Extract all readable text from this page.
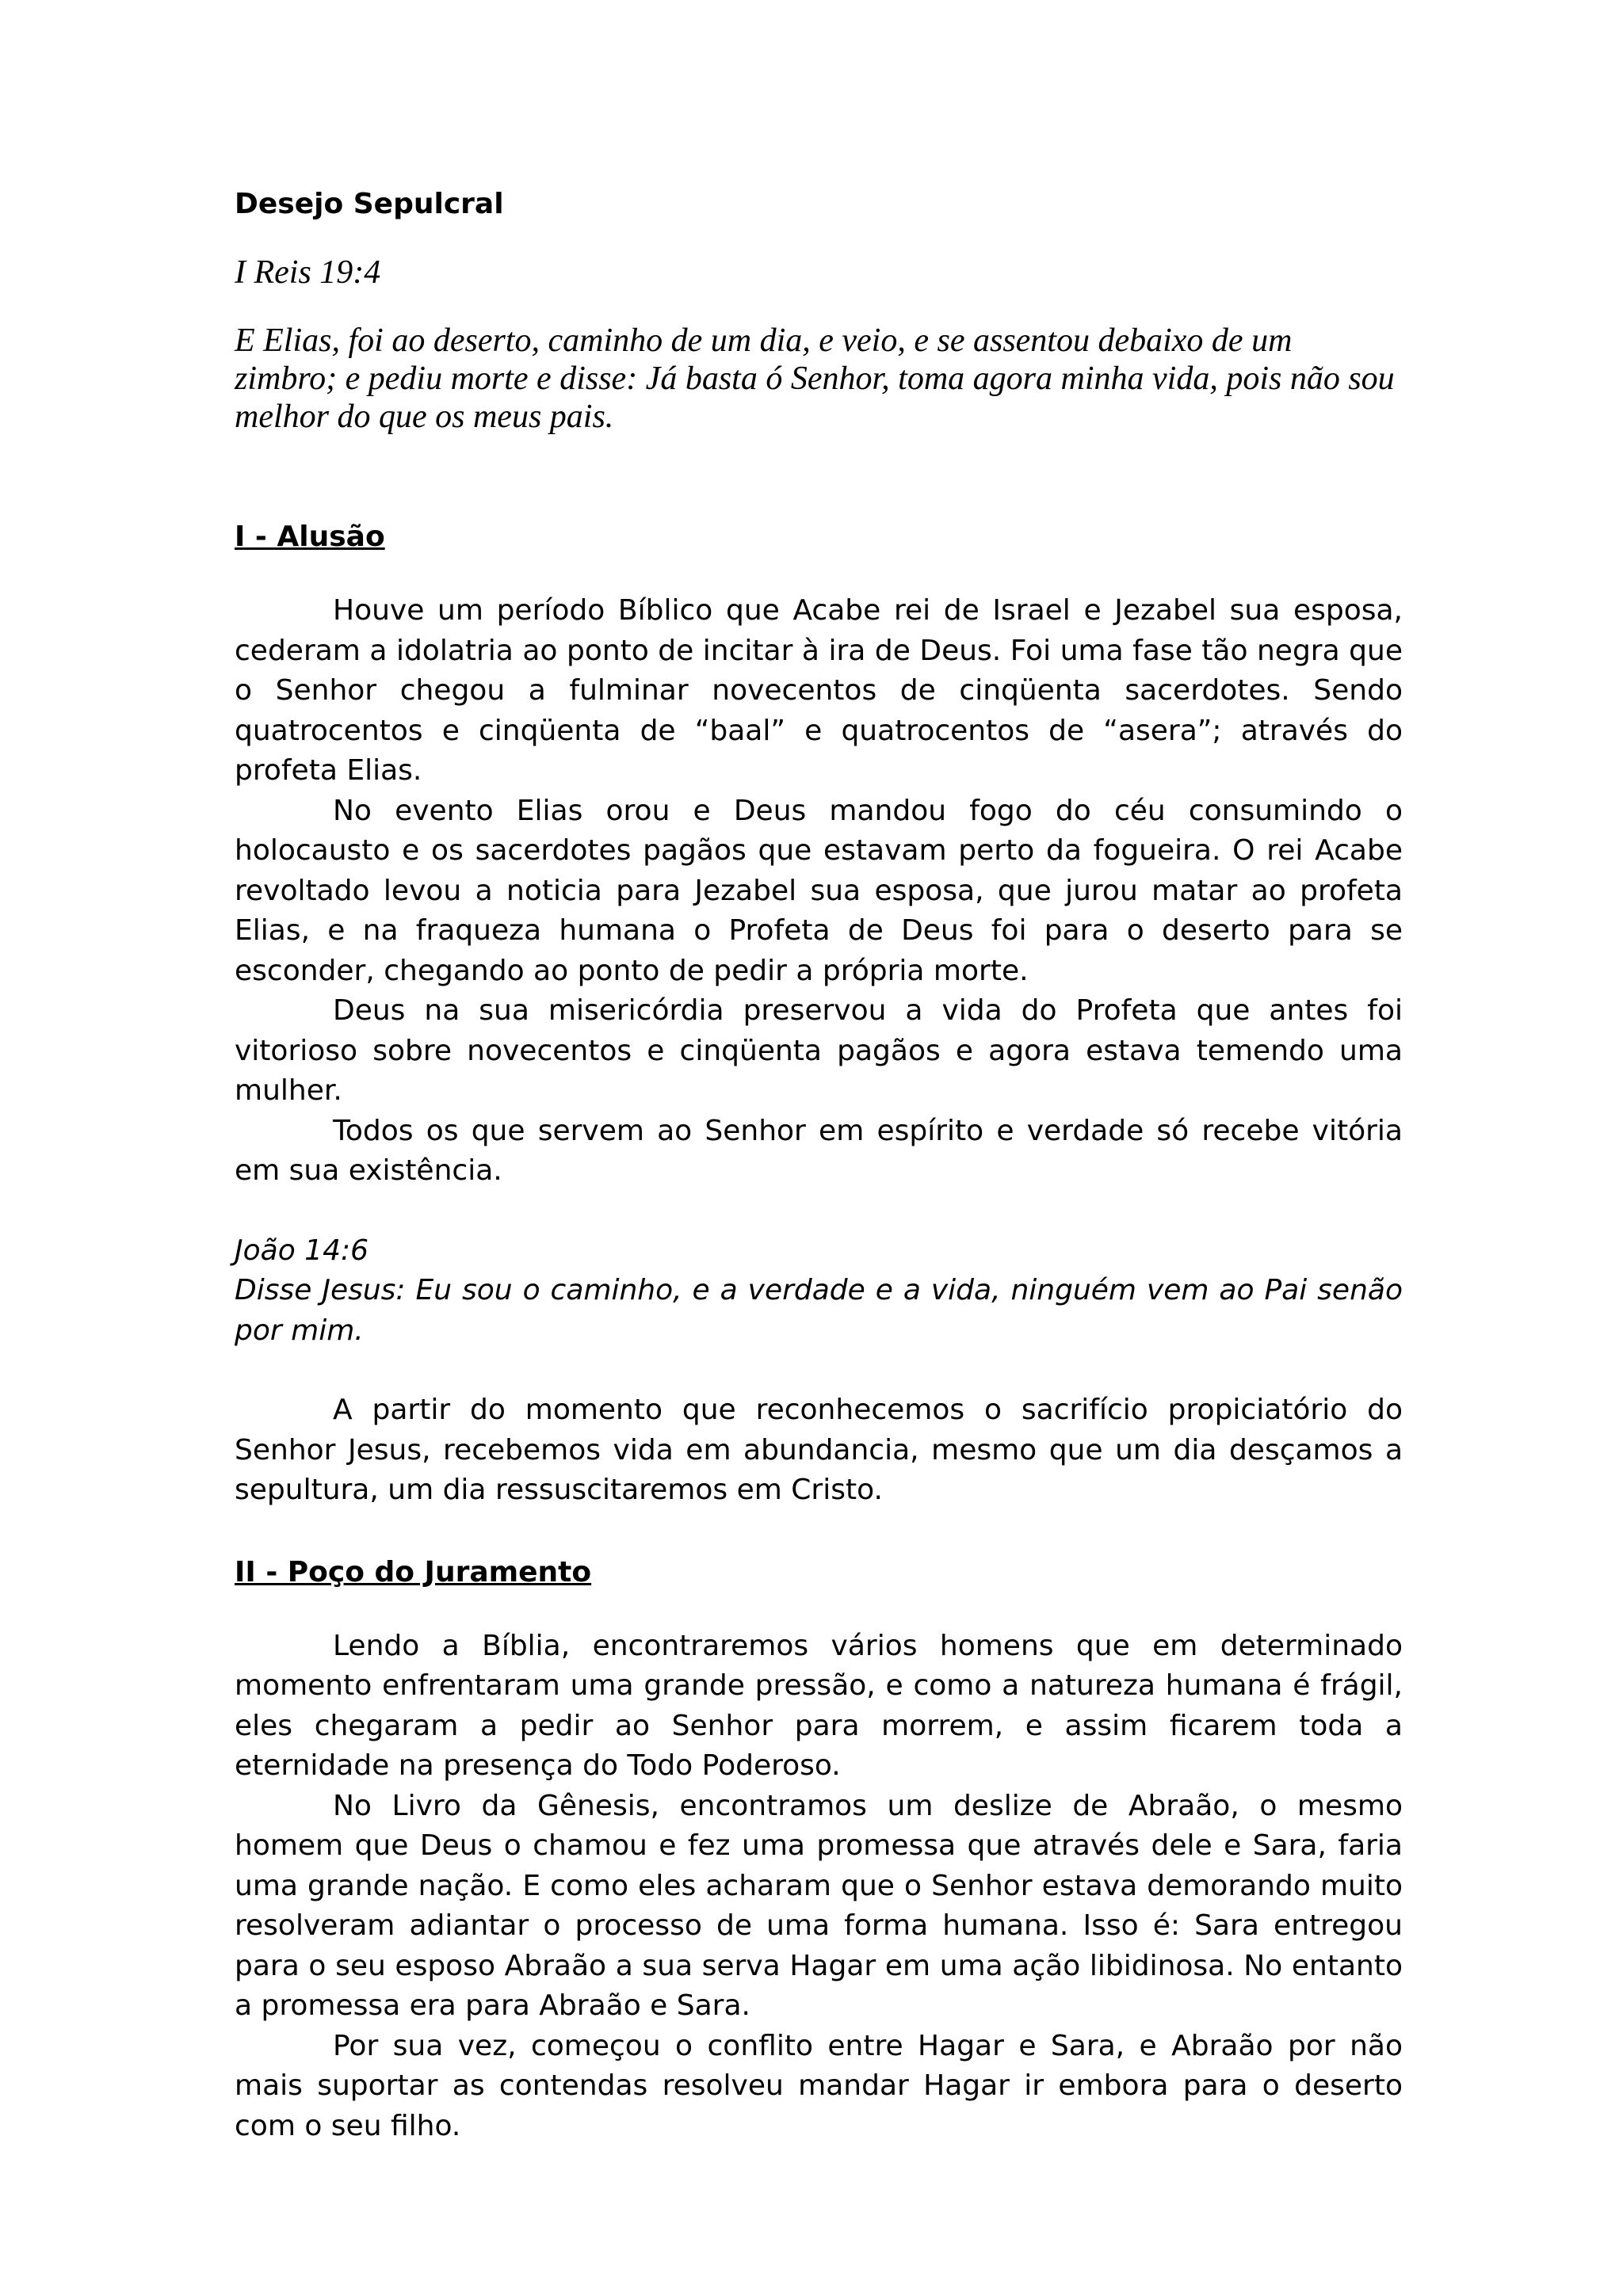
Desejo Sepulcral
I Reis 19:4
E Elias, foi ao deserto, caminho de um dia, e veio, e se assentou debaixo de um zimbro; e pediu morte e disse: Já basta ó Senhor, toma agora minha vida, pois não sou melhor do que os meus pais.
I - Alusão

Houve um período Bíblico que Acabe rei de Israel e Jezabel sua esposa, cederam a idolatria ao ponto de incitar à ira de Deus. Foi uma fase tão negra que o Senhor chegou a fulminar novecentos de cinqüenta sacerdotes. Sendo quatrocentos e cinqüenta de “baal” e quatrocentos de “asera”; através do profeta Elias.

No evento Elias orou e Deus mandou fogo do céu consumindo o holocausto e os sacerdotes pagãos que estavam perto da fogueira. O rei Acabe revoltado levou a noticia para Jezabel sua esposa, que jurou matar ao profeta Elias, e na fraqueza humana o Profeta de Deus foi para o deserto para se esconder, chegando ao ponto de pedir a própria morte.

Deus na sua misericórdia preservou a vida do Profeta que antes foi vitorioso sobre novecentos e cinqüenta pagãos e agora estava temendo uma mulher.

Todos os que servem ao Senhor em espírito e verdade só recebe vitória em sua existência.

João 14:6
Disse Jesus: Eu sou o caminho, e a verdade e a vida, ninguém vem ao Pai senão por mim.

A partir do momento que reconhecemos o sacrifício propiciatório do Senhor Jesus, recebemos vida em abundancia, mesmo que um dia desçamos a sepultura, um dia ressuscitaremos em Cristo.

II - Poço do Juramento

Lendo a Bíblia, encontraremos vários homens que em determinado momento enfrentaram uma grande pressão, e como a natureza humana é frágil, eles chegaram a pedir ao Senhor para morrem, e assim ficarem toda a eternidade na presença do Todo Poderoso.

No Livro da Gênesis, encontramos um deslize de Abraão, o mesmo homem que Deus o chamou e fez uma promessa que através dele e Sara, faria uma grande nação. E como eles acharam que o Senhor estava demorando muito resolveram adiantar o processo de uma forma humana. Isso é: Sara entregou para o seu esposo Abraão a sua serva Hagar em uma ação libidinosa. No entanto a promessa era para Abraão e Sara.

Por sua vez, começou o conflito entre Hagar e Sara, e Abraão por não mais suportar as contendas resolveu mandar Hagar ir embora para o deserto com o seu filho.
